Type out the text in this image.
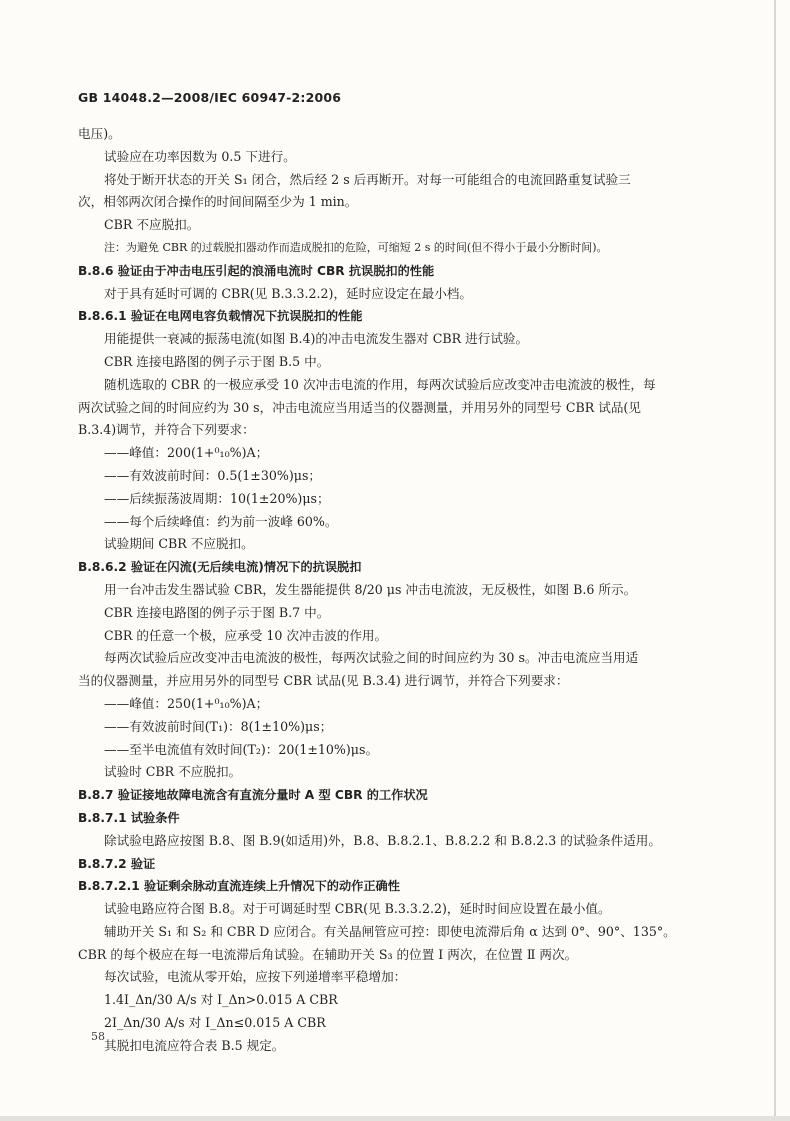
GB 14048.2—2008/IEC 60947-2:2006
电压)。
试验应在功率因数为 0.5 下进行。
将处于断开状态的开关 S₁ 闭合，然后经 2 s 后再断开。对每一可能组合的电流回路重复试验三
次，相邻两次闭合操作的时间间隔至少为 1 min。
CBR 不应脱扣。
注：为避免 CBR 的过载脱扣器动作而造成脱扣的危险，可缩短 2 s 的时间(但不得小于最小分断时间)。
B.8.6 验证由于冲击电压引起的浪涌电流时 CBR 抗误脱扣的性能
对于具有延时可调的 CBR(见 B.3.3.2.2)，延时应设定在最小档。
B.8.6.1 验证在电网电容负载情况下抗误脱扣的性能
用能提供一衰减的振荡电流(如图 B.4)的冲击电流发生器对 CBR 进行试验。
CBR 连接电路图的例子示于图 B.5 中。
随机选取的 CBR 的一极应承受 10 次冲击电流的作用，每两次试验后应改变冲击电流波的极性，每
两次试验之间的时间应约为 30 s，冲击电流应当用适当的仪器测量，并用另外的同型号 CBR 试品(见
B.3.4)调节，并符合下列要求：
——峰值：200(1+⁰₁₀%)A；
——有效波前时间：0.5(1±30%)μs；
——后续振荡波周期：10(1±20%)μs；
——每个后续峰值：约为前一波峰 60%。
试验期间 CBR 不应脱扣。
B.8.6.2 验证在闪流(无后续电流)情况下的抗误脱扣
用一台冲击发生器试验 CBR，发生器能提供 8/20 μs 冲击电流波，无反极性，如图 B.6 所示。
CBR 连接电路图的例子示于图 B.7 中。
CBR 的任意一个极，应承受 10 次冲击波的作用。
每两次试验后应改变冲击电流波的极性，每两次试验之间的时间应约为 30 s。冲击电流应当用适
当的仪器测量，并应用另外的同型号 CBR 试品(见 B.3.4) 进行调节，并符合下列要求：
——峰值：250(1+⁰₁₀%)A；
——有效波前时间(T₁)：8(1±10%)μs；
——至半电流值有效时间(T₂)：20(1±10%)μs。
试验时 CBR 不应脱扣。
B.8.7 验证接地故障电流含有直流分量时 A 型 CBR 的工作状况
B.8.7.1 试验条件
除试验电路应按图 B.8、图 B.9(如适用)外，B.8、B.8.2.1、B.8.2.2 和 B.8.2.3 的试验条件适用。
B.8.7.2 验证
B.8.7.2.1 验证剩余脉动直流连续上升情况下的动作正确性
试验电路应符合图 B.8。对于可调延时型 CBR(见 B.3.3.2.2)，延时时间应设置在最小值。
辅助开关 S₁ 和 S₂ 和 CBR D 应闭合。有关晶闸管应可控：即使电流滞后角 α 达到 0°、90°、135°。
CBR 的每个极应在每一电流滞后角试验。在辅助开关 S₃ 的位置 Ⅰ 两次，在位置 Ⅱ 两次。
每次试验，电流从零开始，应按下列递增率平稳增加：
1.4I_Δn/30 A/s 对 I_Δn>0.015 A CBR
2I_Δn/30 A/s 对 I_Δn≤0.015 A CBR
其脱扣电流应符合表 B.5 规定。
58
